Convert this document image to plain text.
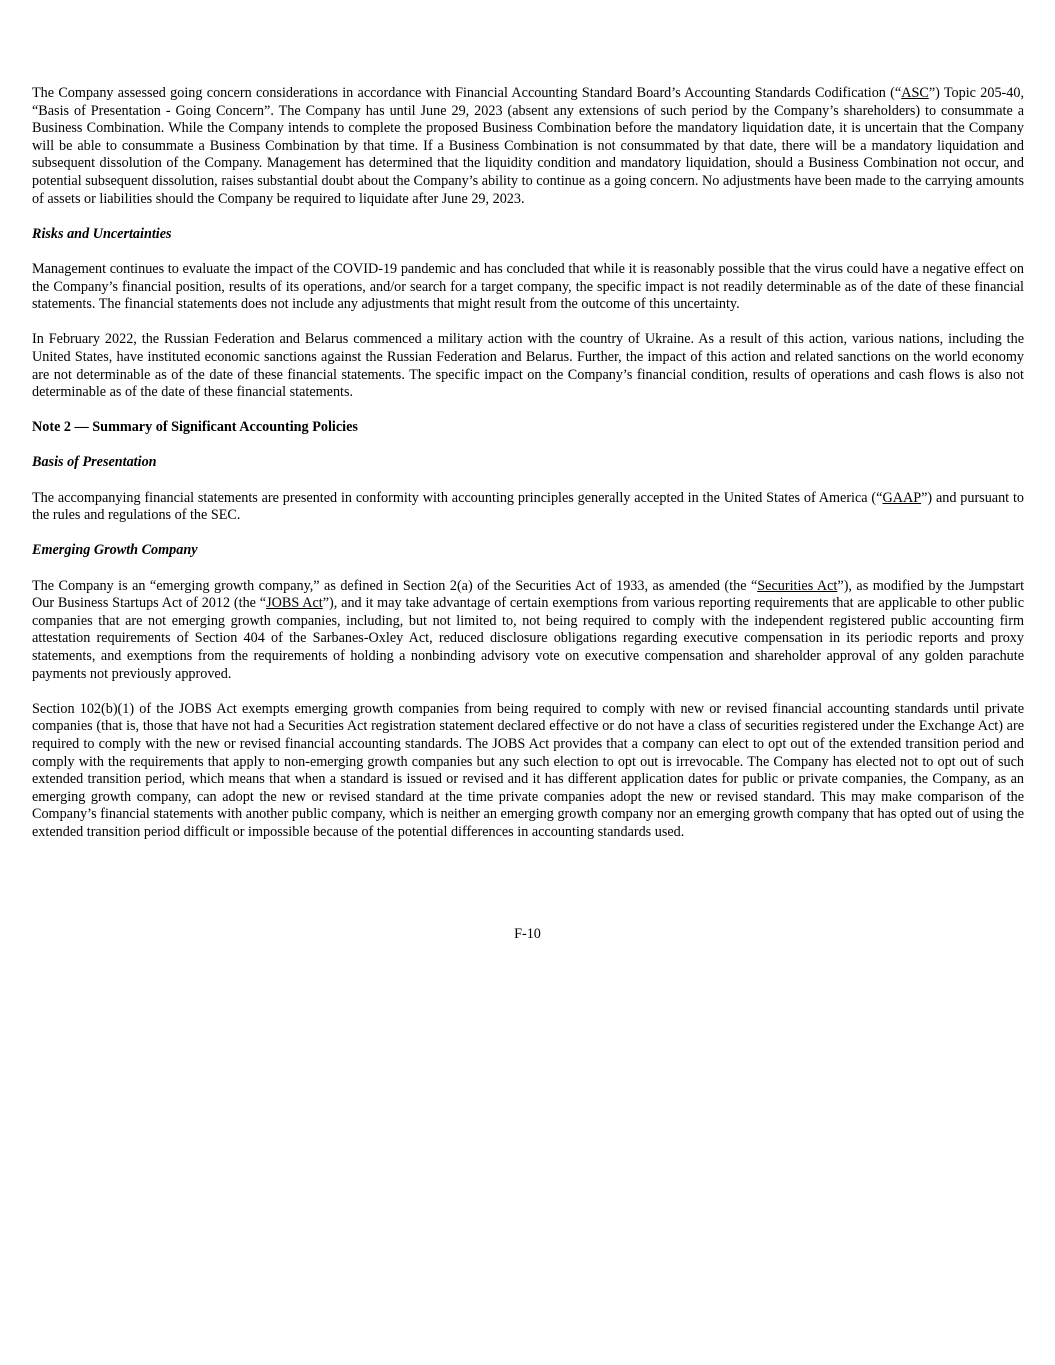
The Company assessed going concern considerations in accordance with Financial Accounting Standard Board’s Accounting Standards Codification (“ASC”) Topic 205-40, “Basis of Presentation - Going Concern”. The Company has until June 29, 2023 (absent any extensions of such period by the Company’s shareholders) to consummate a Business Combination. While the Company intends to complete the proposed Business Combination before the mandatory liquidation date, it is uncertain that the Company will be able to consummate a Business Combination by that time. If a Business Combination is not consummated by that date, there will be a mandatory liquidation and subsequent dissolution of the Company. Management has determined that the liquidity condition and mandatory liquidation, should a Business Combination not occur, and potential subsequent dissolution, raises substantial doubt about the Company’s ability to continue as a going concern. No adjustments have been made to the carrying amounts of assets or liabilities should the Company be required to liquidate after June 29, 2023.

Risks and Uncertainties

Management continues to evaluate the impact of the COVID-19 pandemic and has concluded that while it is reasonably possible that the virus could have a negative effect on the Company’s financial position, results of its operations, and/or search for a target company, the specific impact is not readily determinable as of the date of these financial statements. The financial statements does not include any adjustments that might result from the outcome of this uncertainty.

In February 2022, the Russian Federation and Belarus commenced a military action with the country of Ukraine. As a result of this action, various nations, including the United States, have instituted economic sanctions against the Russian Federation and Belarus. Further, the impact of this action and related sanctions on the world economy are not determinable as of the date of these financial statements. The specific impact on the Company’s financial condition, results of operations and cash flows is also not determinable as of the date of these financial statements.

Note 2 — Summary of Significant Accounting Policies

Basis of Presentation

The accompanying financial statements are presented in conformity with accounting principles generally accepted in the United States of America (“GAAP”) and pursuant to the rules and regulations of the SEC.

Emerging Growth Company

The Company is an “emerging growth company,” as defined in Section 2(a) of the Securities Act of 1933, as amended (the “Securities Act”), as modified by the Jumpstart Our Business Startups Act of 2012 (the “JOBS Act”), and it may take advantage of certain exemptions from various reporting requirements that are applicable to other public companies that are not emerging growth companies, including, but not limited to, not being required to comply with the independent registered public accounting firm attestation requirements of Section 404 of the Sarbanes-Oxley Act, reduced disclosure obligations regarding executive compensation in its periodic reports and proxy statements, and exemptions from the requirements of holding a nonbinding advisory vote on executive compensation and shareholder approval of any golden parachute payments not previously approved.

Section 102(b)(1) of the JOBS Act exempts emerging growth companies from being required to comply with new or revised financial accounting standards until private companies (that is, those that have not had a Securities Act registration statement declared effective or do not have a class of securities registered under the Exchange Act) are required to comply with the new or revised financial accounting standards. The JOBS Act provides that a company can elect to opt out of the extended transition period and comply with the requirements that apply to non-emerging growth companies but any such election to opt out is irrevocable. The Company has elected not to opt out of such extended transition period, which means that when a standard is issued or revised and it has different application dates for public or private companies, the Company, as an emerging growth company, can adopt the new or revised standard at the time private companies adopt the new or revised standard. This may make comparison of the Company’s financial statements with another public company, which is neither an emerging growth company nor an emerging growth company that has opted out of using the extended transition period difficult or impossible because of the potential differences in accounting standards used.

F-10
